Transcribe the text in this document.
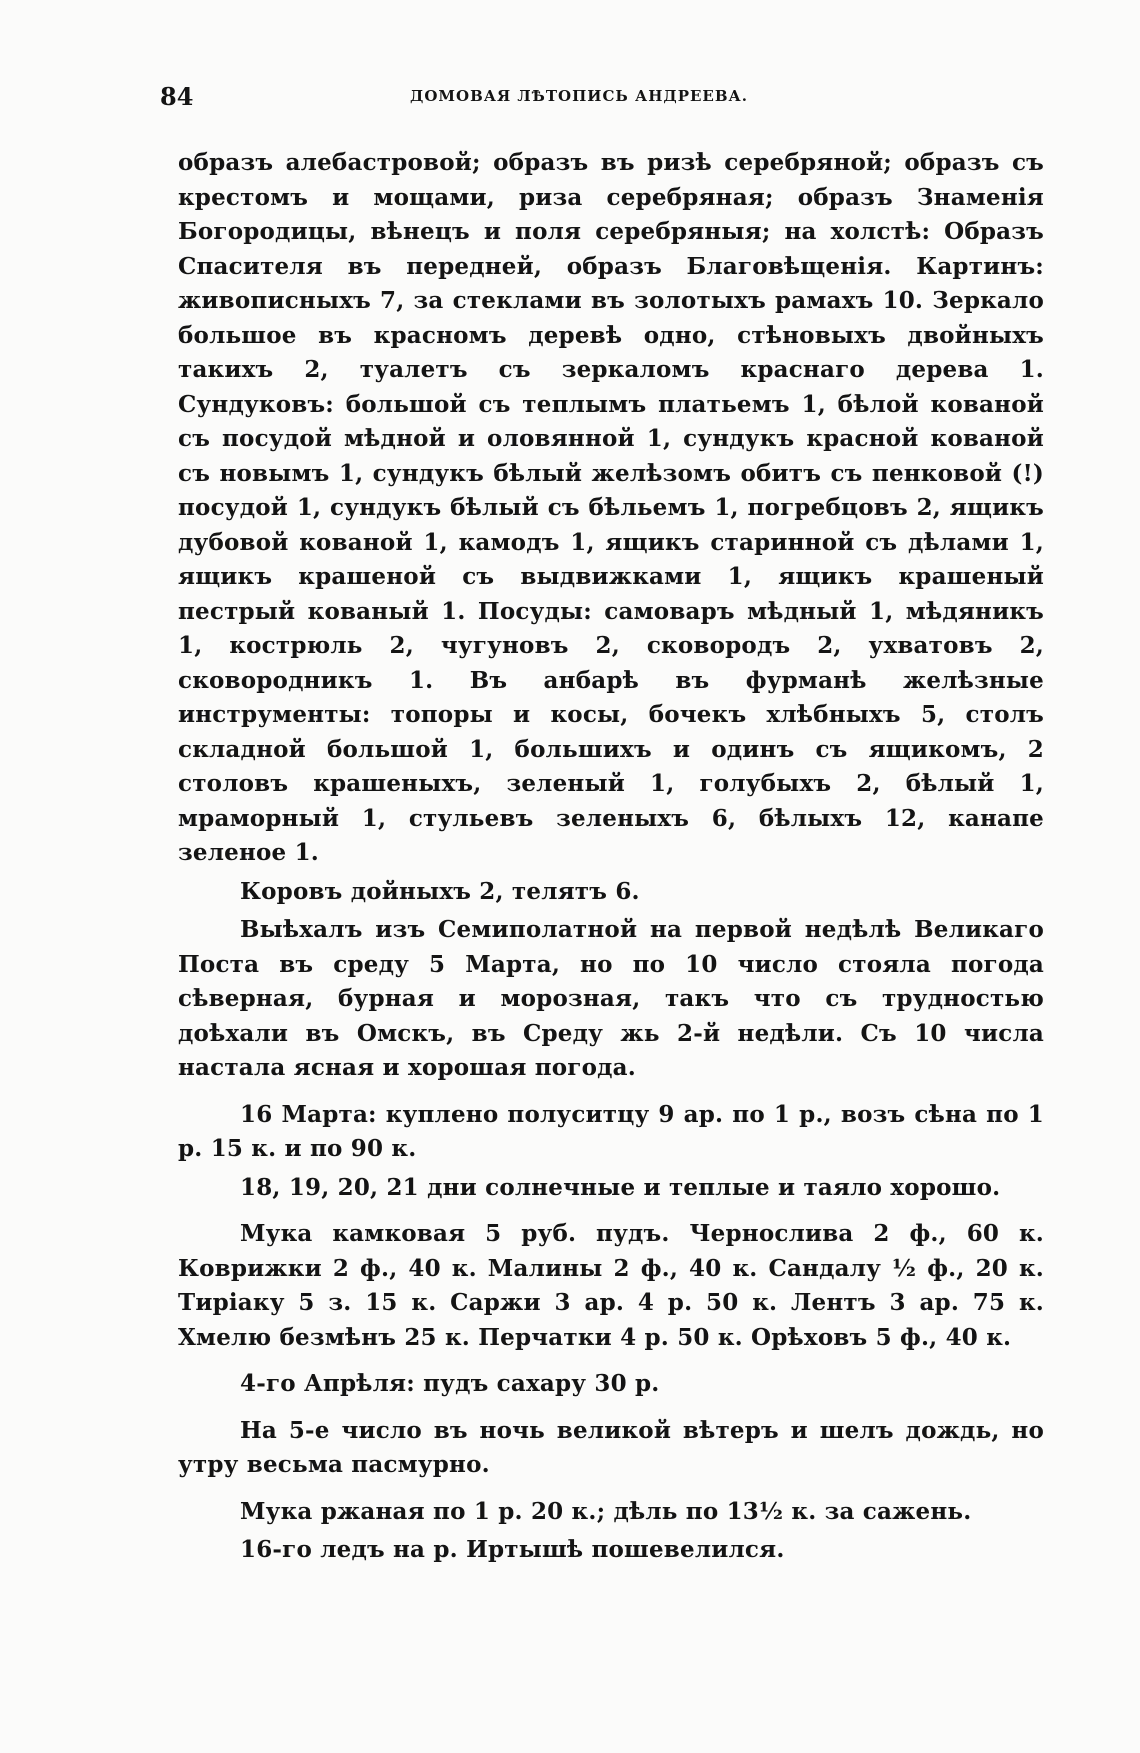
84	ДОМОВАЯ ЛѢТОПИСЬ АНДРЕЕВА.

образъ алебастровой; образъ въ ризѣ серебряной; образъ съ крестомъ и мощами, риза серебряная; образъ Знаменія Богородицы, вѣнецъ и поля серебряныя; на холстѣ: Образъ Спасителя въ передней, образъ Благовѣщенія. Картинъ: живописныхъ 7, за стеклами въ золотыхъ рамахъ 10. Зеркало большое въ красномъ деревѣ одно, стѣновыхъ двойныхъ такихъ 2, туалетъ съ зеркаломъ краснаго дерева 1. Сундуковъ: большой съ теплымъ платьемъ 1, бѣлой кованой съ посудой мѣдной и оловянной 1, сундукъ красной кованой съ новымъ 1, сундукъ бѣлый желѣзомъ обитъ съ пенковой (!) посудой 1, сундукъ бѣлый съ бѣльемъ 1, погребцовъ 2, ящикъ дубовой кованой 1, камодъ 1, ящикъ старинной съ дѣлами 1, ящикъ крашеной съ выдвижками 1, ящикъ крашеный пестрый кованый 1. Посуды: самоваръ мѣдный 1, мѣдяникъ 1, кострюль 2, чугуновъ 2, сковородъ 2, ухватовъ 2, сковородникъ 1. Въ анбарѣ въ фурманѣ желѣзные инструменты: топоры и косы, бочекъ хлѣбныхъ 5, столъ складной большой 1, большихъ и одинъ съ ящикомъ, 2 столовъ крашеныхъ, зеленый 1, голубыхъ 2, бѣлый 1, мраморный 1, стульевъ зеленыхъ 6, бѣлыхъ 12, канапе зеленое 1.

Коровъ дойныхъ 2, телятъ 6.

Выѣхалъ изъ Семиполатной на первой недѣлѣ Великаго Поста въ среду 5 Марта, но по 10 число стояла погода сѣверная, бурная и морозная, такъ что съ трудностью доѣхали въ Омскъ, въ Среду жь 2-й недѣли. Съ 10 числа настала ясная и хорошая погода.

16 Марта: куплено полуситцу 9 ар. по 1 р., возъ сѣна по 1 р. 15 к. и по 90 к.

18, 19, 20, 21 дни солнечные и теплые и таяло хорошо.

Мука камковая 5 руб. пудъ. Чернослива 2 ф., 60 к. Коврижки 2 ф., 40 к. Малины 2 ф., 40 к. Сандалу ½ ф., 20 к. Тиріаку 5 з. 15 к. Саржи 3 ар. 4 р. 50 к. Лентъ 3 ар. 75 к. Хмелю безмѣнъ 25 к. Перчатки 4 р. 50 к. Орѣховъ 5 ф., 40 к.

4-го Апрѣля: пудъ сахару 30 р.

На 5-е число въ ночь великой вѣтеръ и шелъ дождь, но утру весьма пасмурно.

Мука ржаная по 1 р. 20 к.; дѣль по 13½ к. за сажень.

16-го ледъ на р. Иртышѣ пошевелился.
